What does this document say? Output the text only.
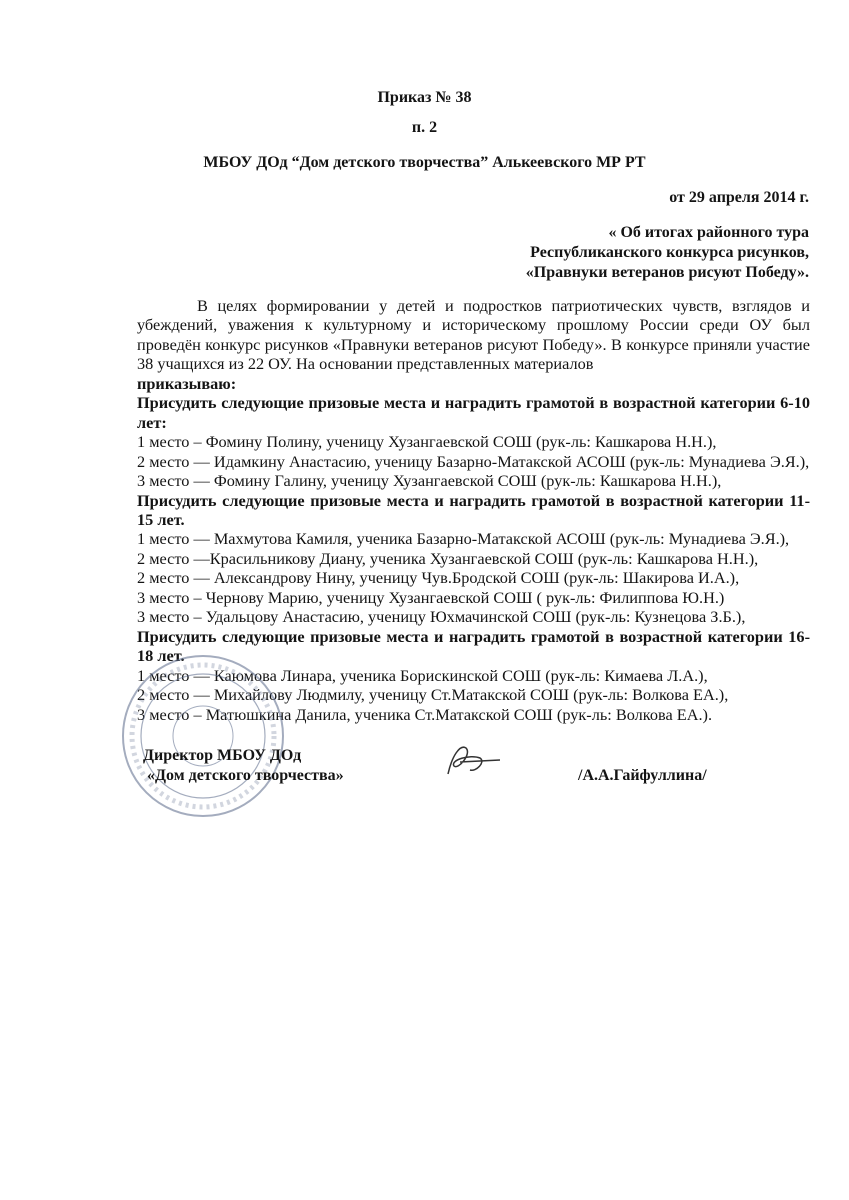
Приказ № 38
п. 2
МБОУ ДОд “Дом детского творчества” Алькеевского МР РТ
от 29 апреля 2014 г.
« Об итогах районного тура
Республиканского конкурса рисунков,
«Правнуки ветеранов рисуют Победу».

В целях формировании у детей и подростков патриотических чувств, взглядов и убеждений, уважения к культурному и историческому прошлому России среди ОУ был проведён конкурс рисунков «Правнуки ветеранов рисуют Победу». В конкурсе приняли участие 38 учащихся из 22 ОУ. На основании представленных материалов

приказываю:

Присудить следующие призовые места и наградить грамотой в возрастной категории 6-10 лет:

1 место – Фомину Полину, ученицу Хузангаевской СОШ (рук-ль: Кашкарова Н.Н.),

2 место — Идамкину Анастасию, ученицу Базарно-Матакской АСОШ (рук-ль: Мунадиева Э.Я.),

3 место — Фомину Галину, ученицу Хузангаевской СОШ (рук-ль: Кашкарова Н.Н.),

Присудить следующие призовые места и наградить грамотой в возрастной категории 11-15 лет.

1 место — Махмутова Камиля, ученика Базарно-Матакской АСОШ (рук-ль: Мунадиева Э.Я.),

2 место —Красильникову Диану, ученика Хузангаевской СОШ (рук-ль: Кашкарова Н.Н.),

2 место — Александрову Нину, ученицу Чув.Бродской СОШ (рук-ль: Шакирова И.А.),

3 место – Чернову Марию, ученицу Хузангаевской СОШ ( рук-ль: Филиппова Ю.Н.)

3 место – Удальцову Анастасию, ученицу Юхмачинской СОШ (рук-ль: Кузнецова З.Б.),

Присудить следующие призовые места и наградить грамотой в возрастной категории 16-18 лет.

1 место — Каюмова Линара, ученика Борискинской СОШ (рук-ль: Кимаева Л.А.),

2 место — Михайлову Людмилу, ученицу Ст.Матакской СОШ (рук-ль: Волкова ЕА.),

3 место – Матюшкина Данила, ученика Ст.Матакской СОШ (рук-ль: Волкова ЕА.).

Директор МБОУ ДОд
«Дом детского творчества»	/А.А.Гайфуллина/
